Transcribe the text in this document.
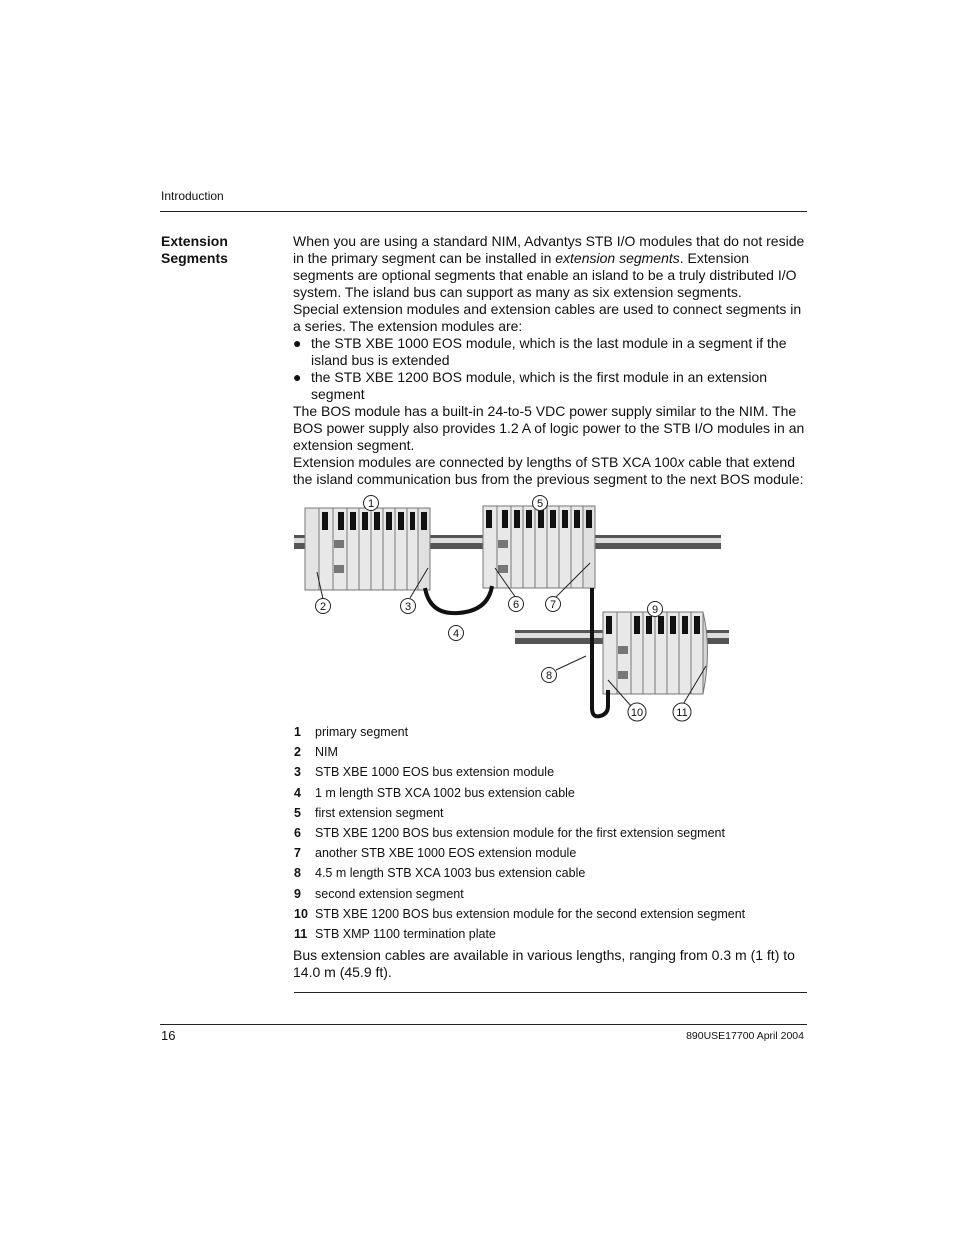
Introduction
Extension
Segments

When you are using a standard NIM, Advantys STB I/O modules that do not reside in the primary segment can be installed in extension segments. Extension segments are optional segments that enable an island to be a truly distributed I/O system. The island bus can support as many as six extension segments.

Special extension modules and extension cables are used to connect segments in a series. The extension modules are:

● the STB XBE 1000 EOS module, which is the last module in a segment if the island bus is extended
● the STB XBE 1200 BOS module, which is the first module in an extension segment

The BOS module has a built-in 24-to-5 VDC power supply similar to the NIM. The BOS power supply also provides 1.2 A of logic power to the STB I/O modules in an extension segment.

Extension modules are connected by lengths of STB XCA 100x cable that extend the island communication bus from the previous segment to the next BOS module:

1
2	3
4
5
6	7
8
9
10	11
1 primary segment
2 NIM
3 STB XBE 1000 EOS bus extension module
4 1 m length STB XCA 1002 bus extension cable
5 first extension segment
6 STB XBE 1200 BOS bus extension module for the first extension segment
7 another STB XBE 1000 EOS extension module
8 4.5 m length STB XCA 1003 bus extension cable
9 second extension segment
10 STB XBE 1200 BOS bus extension module for the second extension segment
11 STB XMP 1100 termination plate
Bus extension cables are available in various lengths, ranging from 0.3 m (1 ft) to 14.0 m (45.9 ft).
16	890USE17700 April 2004
